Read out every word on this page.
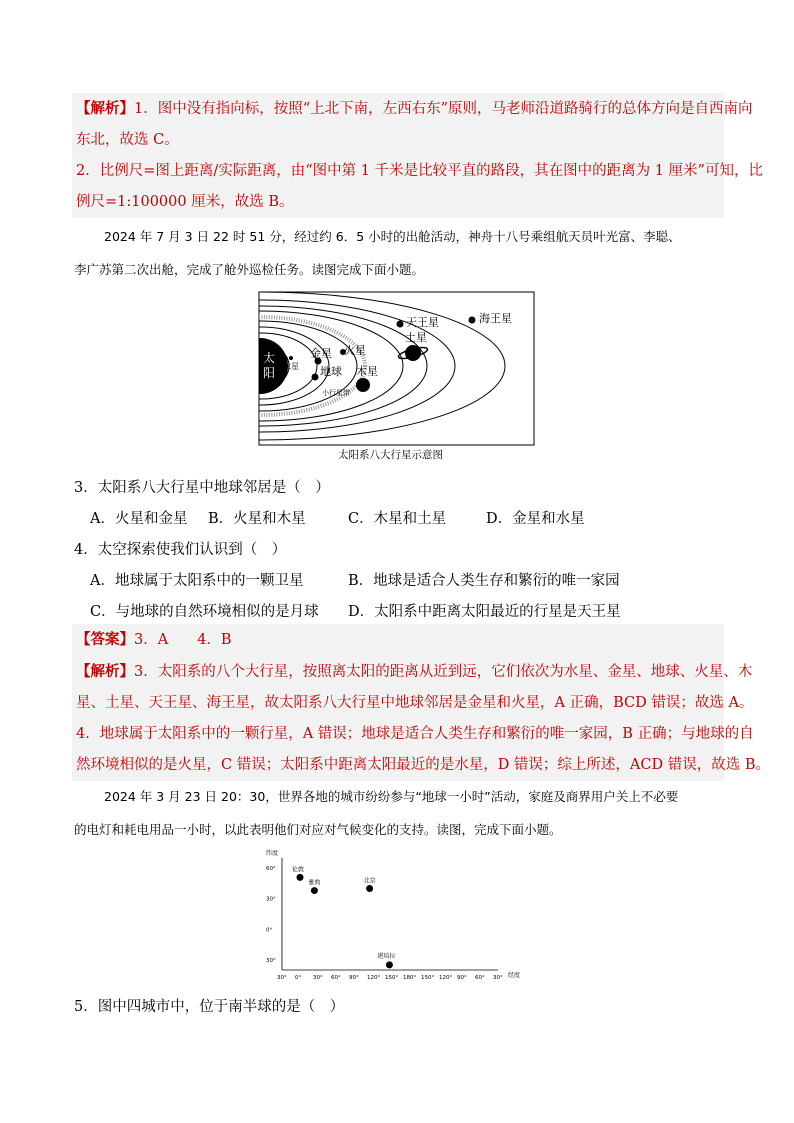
【解析】1．图中没有指向标，按照“上北下南，左西右东”原则，马老师沿道路骑行的总体方向是自西南向
东北，故选 C。
2．比例尺=图上距离/实际距离，由“图中第 1 千米是比较平直的路段，其在图中的距离为 1 厘米”可知，比
例尺=1:100000 厘米，故选 B。
2024 年 7 月 3 日 22 时 51 分，经过约 6．5 小时的出舱活动，神舟十八号乘组航天员叶光富、李聪、
李广苏第二次出舱，完成了舱外巡检任务。读图完成下面小题。
太
阳 水星
金星
地球
火星
木星
小行星带
土星
天王星	海王星
太阳系八大行星示意图
3．太阳系八大行星中地球邻居是（　）
A．火星和金星 B．火星和木星	C．木星和土星	D．金星和水星
4．太空探索使我们认识到（　）
A．地球属于太阳系中的一颗卫星	B．地球是适合人类生存和繁衍的唯一家园
C．与地球的自然环境相似的是月球 D．太阳系中距离太阳最近的行星是天王星
【答案】3．A　　4．B
【解析】3．太阳系的八个大行星，按照离太阳的距离从近到远，它们依次为水星、金星、地球、火星、木
星、土星、天王星、海王星，故太阳系八大行星中地球邻居是金星和火星，A 正确，BCD 错误；故选 A。
4．地球属于太阳系中的一颗行星，A 错误；地球是适合人类生存和繁衍的唯一家园，B 正确；与地球的自
然环境相似的是火星，C 错误；太阳系中距离太阳最近的是水星，D 错误；综上所述，ACD 错误，故选 B。
2024 年 3 月 23 日 20：30，世界各地的城市纷纷参与“地球一小时”活动，家庭及商界用户关上不必要
的电灯和耗电用品一小时，以此表明他们对应对气候变化的支持。读图，完成下面小题。
纬度
经度
60°
30°
0°
30°
30° 0° 30° 60° 90° 120° 150° 180° 150° 120° 90° 60° 30°
伦敦
雅典	北京
堪培拉
5．图中四城市中，位于南半球的是（　）
